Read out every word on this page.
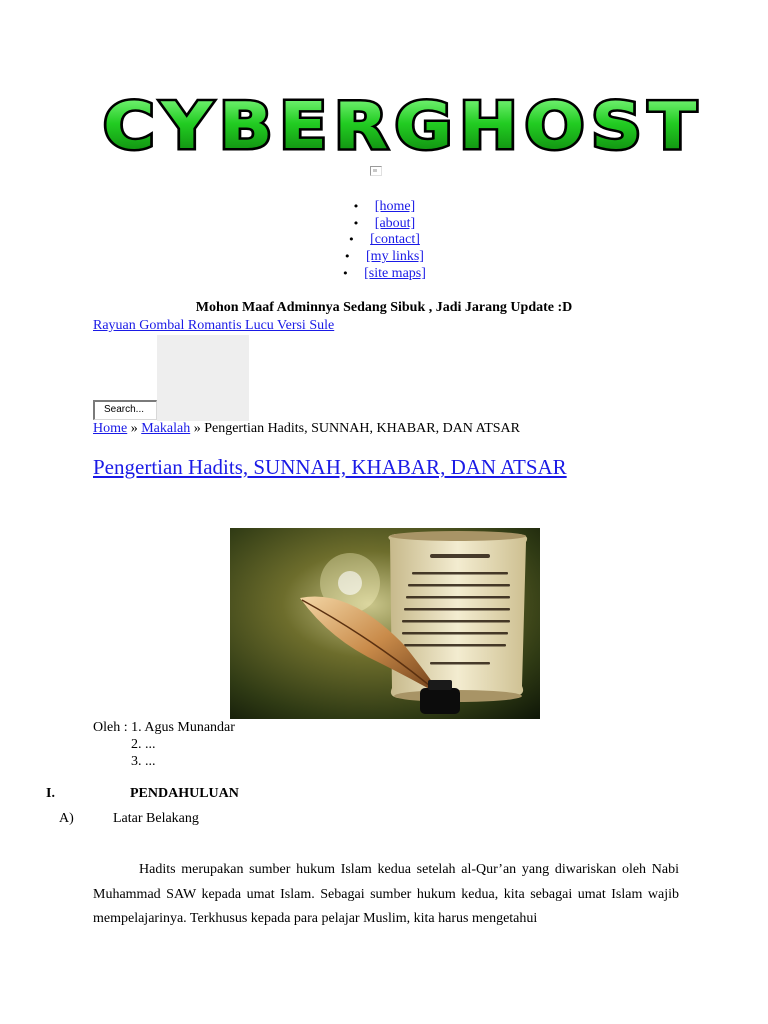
CYBERGHOST
• [home]
• [about]
• [contact]
• [my links]
• [site maps]
Mohon Maaf Adminnya Sedang Sibuk , Jadi Jarang Update :D
Rayuan Gombal Romantis Lucu Versi Sule
Search...
Home » Makalah » Pengertian Hadits, SUNNAH, KHABAR, DAN ATSAR
Pengertian Hadits, SUNNAH, KHABAR, DAN ATSAR
Oleh : 1. Agus Munandar
2. ...
3. ...
I.	PENDAHULUAN
A)	Latar Belakang
Hadits merupakan sumber hukum Islam kedua setelah al-Qur’an yang diwariskan oleh Nabi Muhammad SAW kepada umat Islam. Sebagai sumber hukum kedua, kita sebagai umat Islam wajib mempelajarinya. Terkhusus kepada para pelajar Muslim, kita harus mengetahui
